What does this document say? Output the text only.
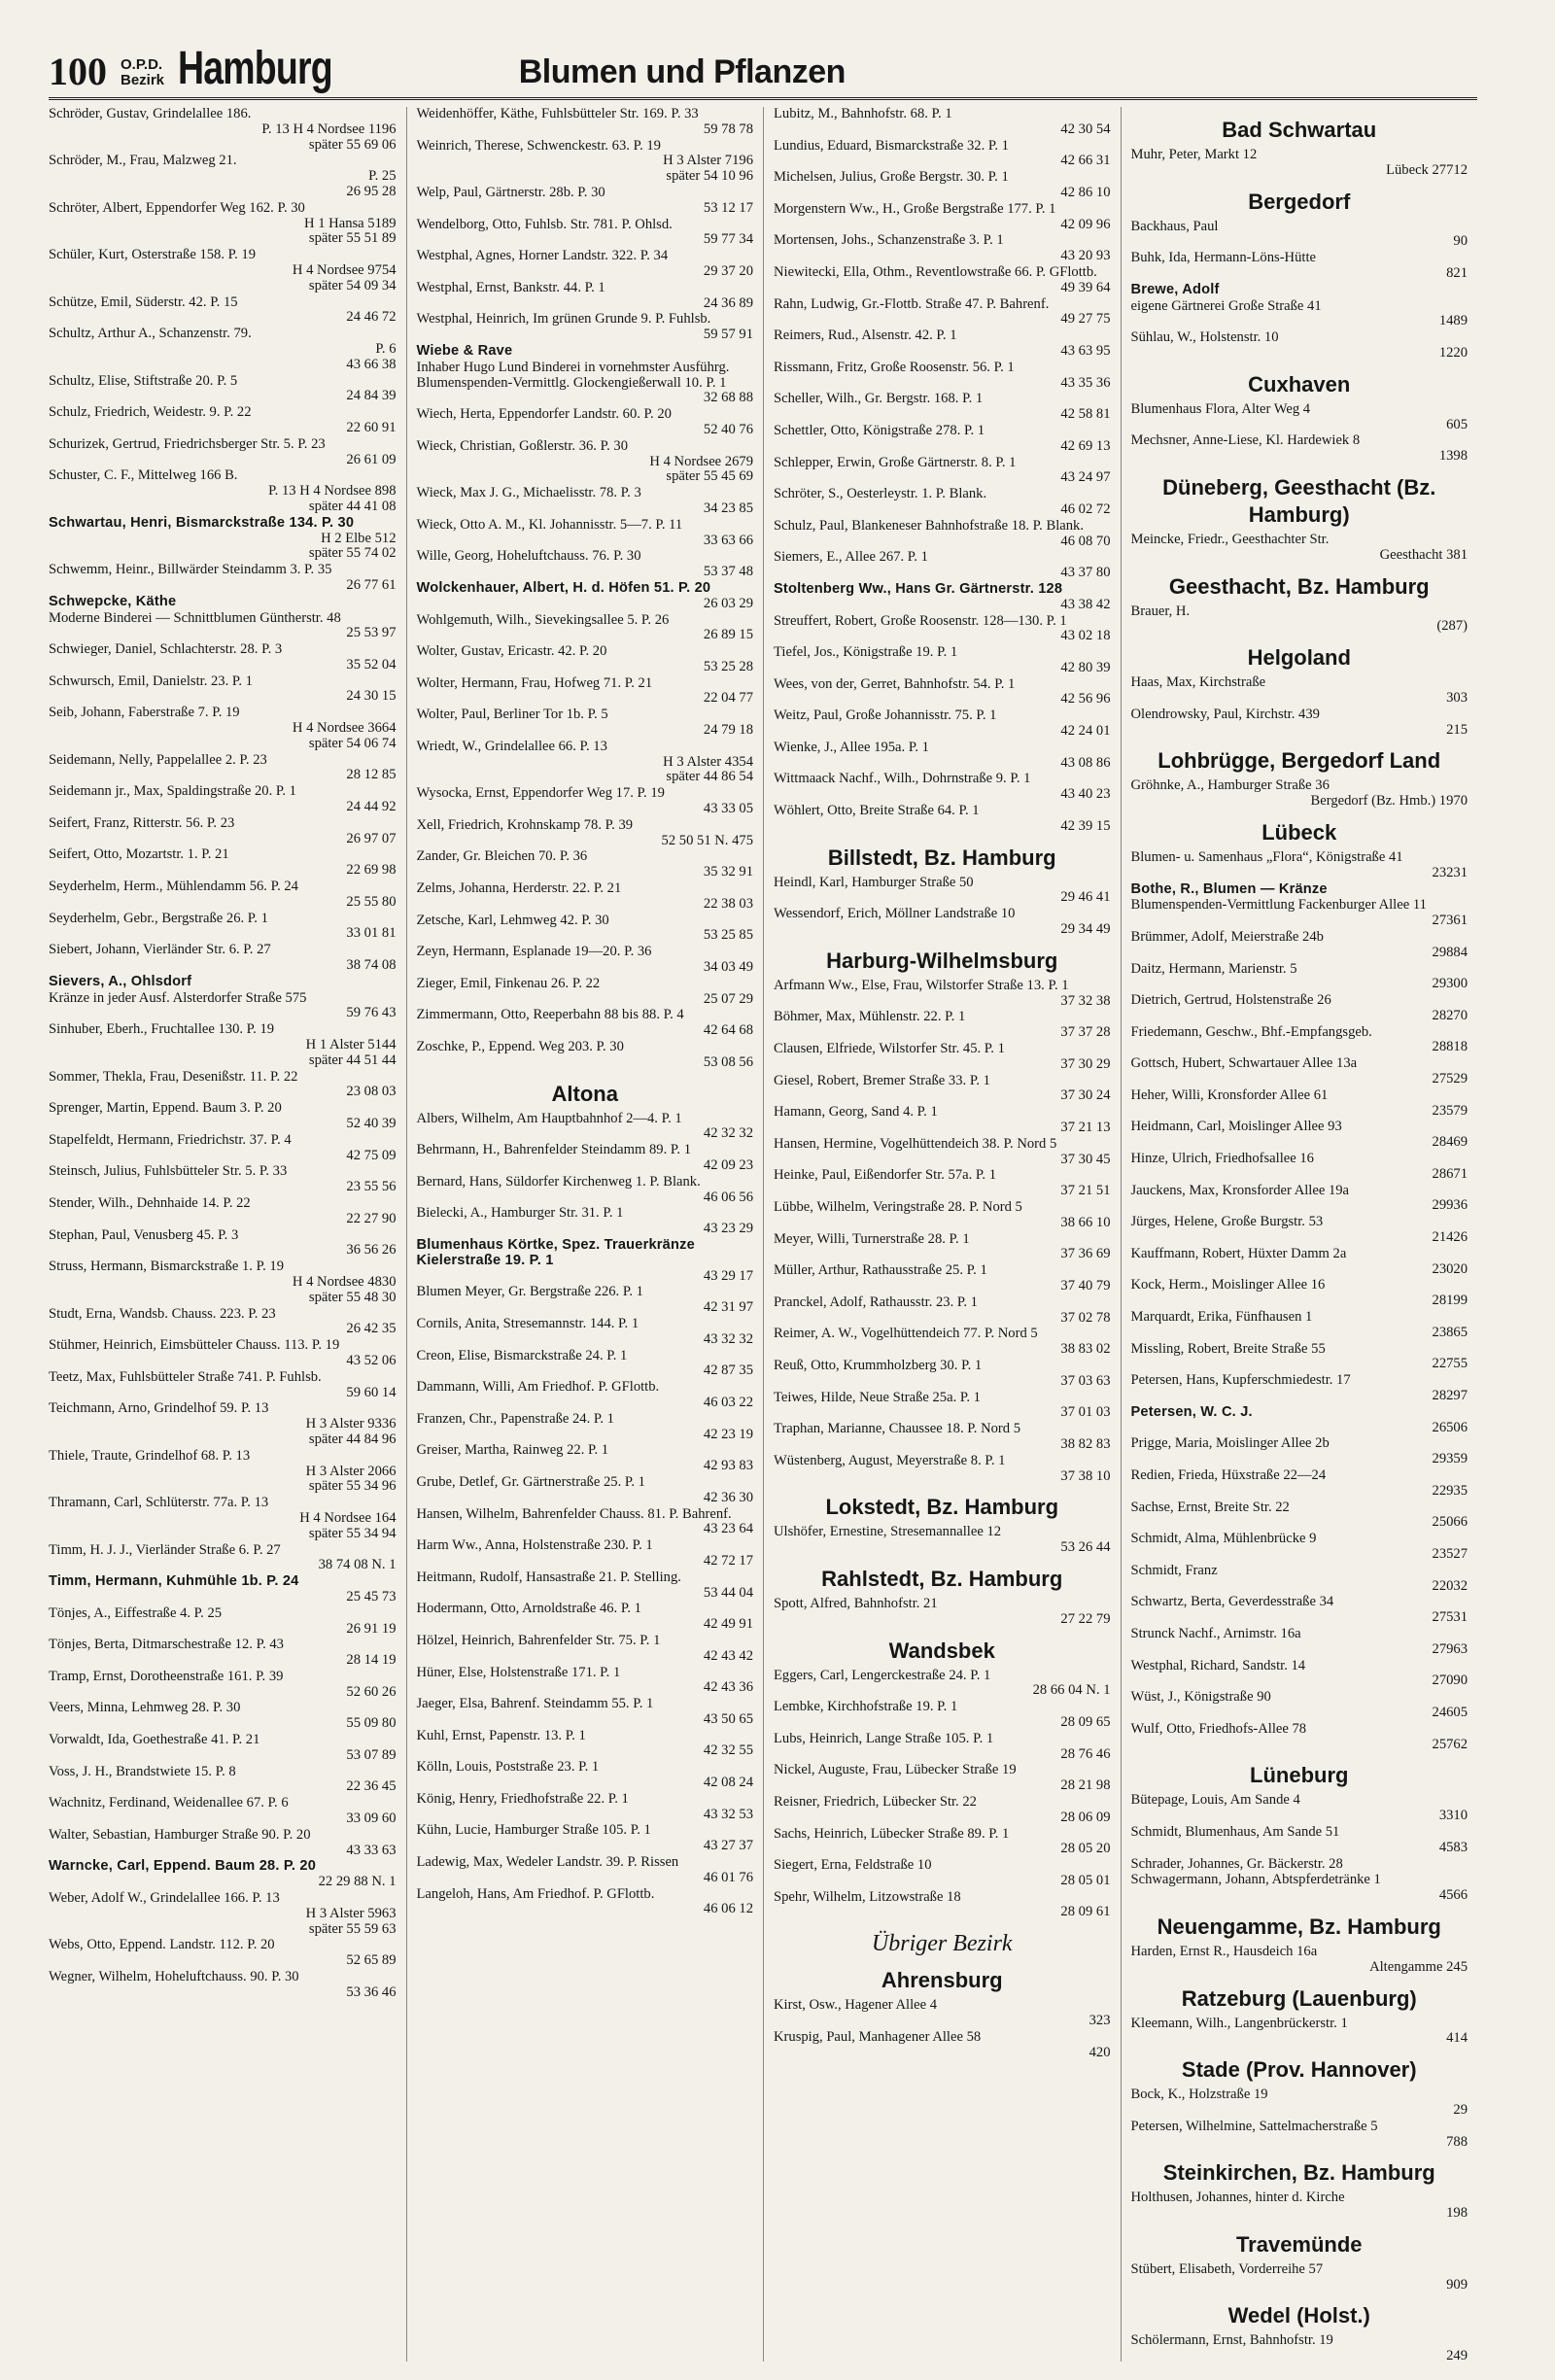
100 O.P.D.
Bezirk Hamburg	Blumen und Pflanzen
Schröder, Gustav, Grindelallee 186.
P. 13 H 4 Nordsee 1196
später 55 69 06
Schröder, M., Frau, Malzweg 21.
P. 25
26 95 28
Schröter, Albert, Eppendorfer Weg 162. P. 30
H 1 Hansa 5189
später 55 51 89
Schüler, Kurt, Osterstraße 158. P. 19
H 4 Nordsee 9754
später 54 09 34
Schütze, Emil, Süderstr. 42. P. 15
24 46 72
Schultz, Arthur A., Schanzenstr. 79.
P. 6
43 66 38
Schultz, Elise, Stiftstraße 20. P. 5
24 84 39
Schulz, Friedrich, Weidestr. 9. P. 22
22 60 91
Schurizek, Gertrud, Friedrichsberger Str. 5. P. 23
26 61 09
Schuster, C. F., Mittelweg 166 B.
P. 13 H 4 Nordsee 898
später 44 41 08
Schwartau, Henri, Bismarckstraße 134. P. 30
H 2 Elbe 512
später 55 74 02
Schwemm, Heinr., Billwärder Steindamm 3. P. 35
26 77 61
Schwepcke, Käthe
Moderne Binderei — Schnittblumen Güntherstr. 48
25 53 97
Schwieger, Daniel, Schlachterstr. 28. P. 3
35 52 04
Schwursch, Emil, Danielstr. 23. P. 1
24 30 15
Seib, Johann, Faberstraße 7. P. 19
H 4 Nordsee 3664
später 54 06 74
Seidemann, Nelly, Pappelallee 2. P. 23
28 12 85
Seidemann jr., Max, Spaldingstraße 20. P. 1
24 44 92
Seifert, Franz, Ritterstr. 56. P. 23
26 97 07
Seifert, Otto, Mozartstr. 1. P. 21
22 69 98
Seyderhelm, Herm., Mühlendamm 56. P. 24
25 55 80
Seyderhelm, Gebr., Bergstraße 26. P. 1
33 01 81
Siebert, Johann, Vierländer Str. 6. P. 27
38 74 08
Sievers, A., Ohlsdorf
Kränze in jeder Ausf. Alsterdorfer Straße 575
59 76 43
Sinhuber, Eberh., Fruchtallee 130. P. 19
H 1 Alster 5144
später 44 51 44
Sommer, Thekla, Frau, Desenißstr. 11. P. 22
23 08 03
Sprenger, Martin, Eppend. Baum 3. P. 20
52 40 39
Stapelfeldt, Hermann, Friedrichstr. 37. P. 4
42 75 09
Steinsch, Julius, Fuhlsbütteler Str. 5. P. 33
23 55 56
Stender, Wilh., Dehnhaide 14. P. 22
22 27 90
Stephan, Paul, Venusberg 45. P. 3
36 56 26
Struss, Hermann, Bismarckstraße 1. P. 19
H 4 Nordsee 4830
später 55 48 30
Studt, Erna, Wandsb. Chauss. 223. P. 23
26 42 35
Stühmer, Heinrich, Eimsbütteler Chauss. 113. P. 19
43 52 06
Teetz, Max, Fuhlsbütteler Straße 741. P. Fuhlsb.
59 60 14
Teichmann, Arno, Grindelhof 59. P. 13
H 3 Alster 9336
später 44 84 96
Thiele, Traute, Grindelhof 68. P. 13
H 3 Alster 2066
später 55 34 96
Thramann, Carl, Schlüterstr. 77a. P. 13
H 4 Nordsee 164
später 55 34 94
Timm, H. J. J., Vierländer Straße 6. P. 27
38 74 08 N. 1
Timm, Hermann, Kuhmühle 1b. P. 24
25 45 73
Tönjes, A., Eiffestraße 4. P. 25
26 91 19
Tönjes, Berta, Ditmarschestraße 12. P. 43
28 14 19
Tramp, Ernst, Dorotheenstraße 161. P. 39
52 60 26
Veers, Minna, Lehmweg 28. P. 30
55 09 80
Vorwaldt, Ida, Goethestraße 41. P. 21
53 07 89
Voss, J. H., Brandstwiete 15. P. 8
22 36 45
Wachnitz, Ferdinand, Weidenallee 67. P. 6
33 09 60
Walter, Sebastian, Hamburger Straße 90. P. 20
43 33 63
Warncke, Carl, Eppend. Baum 28. P. 20
22 29 88 N. 1
Weber, Adolf W., Grindelallee 166. P. 13
H 3 Alster 5963
später 55 59 63
Webs, Otto, Eppend. Landstr. 112. P. 20
52 65 89
Wegner, Wilhelm, Hoheluftchauss. 90. P. 30
53 36 46
Weidenhöffer, Käthe, Fuhlsbütteler Str. 169. P. 33
59 78 78
Weinrich, Therese, Schwenckestr. 63. P. 19
H 3 Alster 7196
später 54 10 96
Welp, Paul, Gärtnerstr. 28b. P. 30
53 12 17
Wendelborg, Otto, Fuhlsb. Str. 781. P. Ohlsd.
59 77 34
Westphal, Agnes, Horner Landstr. 322. P. 34
29 37 20
Westphal, Ernst, Bankstr. 44. P. 1
24 36 89
Westphal, Heinrich, Im grünen Grunde 9. P. Fuhlsb.
59 57 91
Wiebe & Rave
Inhaber Hugo Lund Binderei in vornehmster Ausführg. Blumenspenden-Vermittlg. Glockengießerwall 10. P. 1
32 68 88
Wiech, Herta, Eppendorfer Landstr. 60. P. 20
52 40 76
Wieck, Christian, Goßlerstr. 36. P. 30
H 4 Nordsee 2679
später 55 45 69
Wieck, Max J. G., Michaelisstr. 78. P. 3
34 23 85
Wieck, Otto A. M., Kl. Johannisstr. 5—7. P. 11
33 63 66
Wille, Georg, Hoheluftchauss. 76. P. 30
53 37 48
Wolckenhauer, Albert, H. d. Höfen 51. P. 20
26 03 29
Wohlgemuth, Wilh., Sievekingsallee 5. P. 26
26 89 15
Wolter, Gustav, Ericastr. 42. P. 20
53 25 28
Wolter, Hermann, Frau, Hofweg 71. P. 21
22 04 77
Wolter, Paul, Berliner Tor 1b. P. 5
24 79 18
Wriedt, W., Grindelallee 66. P. 13
H 3 Alster 4354
später 44 86 54
Wysocka, Ernst, Eppendorfer Weg 17. P. 19
43 33 05
Xell, Friedrich, Krohnskamp 78. P. 39
52 50 51 N. 475
Zander, Gr. Bleichen 70. P. 36
35 32 91
Zelms, Johanna, Herderstr. 22. P. 21
22 38 03
Zetsche, Karl, Lehmweg 42. P. 30
53 25 85
Zeyn, Hermann, Esplanade 19—20. P. 36
34 03 49
Zieger, Emil, Finkenau 26. P. 22
25 07 29
Zimmermann, Otto, Reeperbahn 88 bis 88. P. 4
42 64 68
Zoschke, P., Eppend. Weg 203. P. 30
53 08 56
Altona
Albers, Wilhelm, Am Hauptbahnhof 2—4. P. 1
42 32 32
Behrmann, H., Bahrenfelder Steindamm 89. P. 1
42 09 23
Bernard, Hans, Süldorfer Kirchenweg 1. P. Blank.
46 06 56
Bielecki, A., Hamburger Str. 31. P. 1
43 23 29
Blumenhaus Körtke, Spez. Trauerkränze Kielerstraße 19. P. 1
43 29 17
Blumen Meyer, Gr. Bergstraße 226. P. 1
42 31 97
Cornils, Anita, Stresemannstr. 144. P. 1
43 32 32
Creon, Elise, Bismarckstraße 24. P. 1
42 87 35
Dammann, Willi, Am Friedhof. P. GFlottb.
46 03 22
Franzen, Chr., Papenstraße 24. P. 1
42 23 19
Greiser, Martha, Rainweg 22. P. 1
42 93 83
Grube, Detlef, Gr. Gärtnerstraße 25. P. 1
42 36 30
Hansen, Wilhelm, Bahrenfelder Chauss. 81. P. Bahrenf.
43 23 64
Harm Ww., Anna, Holstenstraße 230. P. 1
42 72 17
Heitmann, Rudolf, Hansastraße 21. P. Stelling.
53 44 04
Hodermann, Otto, Arnoldstraße 46. P. 1
42 49 91
Hölzel, Heinrich, Bahrenfelder Str. 75. P. 1
42 43 42
Hüner, Else, Holstenstraße 171. P. 1
42 43 36
Jaeger, Elsa, Bahrenf. Steindamm 55. P. 1
43 50 65
Kuhl, Ernst, Papenstr. 13. P. 1
42 32 55
Kölln, Louis, Poststraße 23. P. 1
42 08 24
König, Henry, Friedhofstraße 22. P. 1
43 32 53
Kühn, Lucie, Hamburger Straße 105. P. 1
43 27 37
Ladewig, Max, Wedeler Landstr. 39. P. Rissen
46 01 76
Langeloh, Hans, Am Friedhof. P. GFlottb.
46 06 12
Lubitz, M., Bahnhofstr. 68. P. 1
42 30 54
Lundius, Eduard, Bismarckstraße 32. P. 1
42 66 31
Michelsen, Julius, Große Bergstr. 30. P. 1
42 86 10
Morgenstern Ww., H., Große Bergstraße 177. P. 1
42 09 96
Mortensen, Johs., Schanzenstraße 3. P. 1
43 20 93
Niewitecki, Ella, Othm., Reventlowstraße 66. P. GFlottb.
49 39 64
Rahn, Ludwig, Gr.-Flottb. Straße 47. P. Bahrenf.
49 27 75
Reimers, Rud., Alsenstr. 42. P. 1
43 63 95
Rissmann, Fritz, Große Roosenstr. 56. P. 1
43 35 36
Scheller, Wilh., Gr. Bergstr. 168. P. 1
42 58 81
Schettler, Otto, Königstraße 278. P. 1
42 69 13
Schlepper, Erwin, Große Gärtnerstr. 8. P. 1
43 24 97
Schröter, S., Oesterleystr. 1. P. Blank.
46 02 72
Schulz, Paul, Blankeneser Bahnhofstraße 18. P. Blank.
46 08 70
Siemers, E., Allee 267. P. 1
43 37 80
Stoltenberg Ww., Hans Gr. Gärtnerstr. 128
43 38 42
Streuffert, Robert, Große Roosenstr. 128—130. P. 1
43 02 18
Tiefel, Jos., Königstraße 19. P. 1
42 80 39
Wees, von der, Gerret, Bahnhofstr. 54. P. 1
42 56 96
Weitz, Paul, Große Johannisstr. 75. P. 1
42 24 01
Wienke, J., Allee 195a. P. 1
43 08 86
Wittmaack Nachf., Wilh., Dohrnstraße 9. P. 1
43 40 23
Wöhlert, Otto, Breite Straße 64. P. 1
42 39 15
Billstedt, Bz. Hamburg
Heindl, Karl, Hamburger Straße 50
29 46 41
Wessendorf, Erich, Möllner Landstraße 10
29 34 49
Harburg-Wilhelmsburg
Arfmann Ww., Else, Frau, Wilstorfer Straße 13. P. 1
37 32 38
Böhmer, Max, Mühlenstr. 22. P. 1
37 37 28
Clausen, Elfriede, Wilstorfer Str. 45. P. 1
37 30 29
Giesel, Robert, Bremer Straße 33. P. 1
37 30 24
Hamann, Georg, Sand 4. P. 1
37 21 13
Hansen, Hermine, Vogelhüttendeich 38. P. Nord 5
37 30 45
Heinke, Paul, Eißendorfer Str. 57a. P. 1
37 21 51
Lübbe, Wilhelm, Veringstraße 28. P. Nord 5
38 66 10
Meyer, Willi, Turnerstraße 28. P. 1
37 36 69
Müller, Arthur, Rathausstraße 25. P. 1
37 40 79
Pranckel, Adolf, Rathausstr. 23. P. 1
37 02 78
Reimer, A. W., Vogelhüttendeich 77. P. Nord 5
38 83 02
Reuß, Otto, Krummholzberg 30. P. 1
37 03 63
Teiwes, Hilde, Neue Straße 25a. P. 1
37 01 03
Traphan, Marianne, Chaussee 18. P. Nord 5
38 82 83
Wüstenberg, August, Meyerstraße 8. P. 1
37 38 10
Lokstedt, Bz. Hamburg
Ulshöfer, Ernestine, Stresemannallee 12
53 26 44
Rahlstedt, Bz. Hamburg
Spott, Alfred, Bahnhofstr. 21
27 22 79
Wandsbek
Eggers, Carl, Lengerckestraße 24. P. 1
28 66 04 N. 1
Lembke, Kirchhofstraße 19. P. 1
28 09 65
Lubs, Heinrich, Lange Straße 105. P. 1
28 76 46
Nickel, Auguste, Frau, Lübecker Straße 19
28 21 98
Reisner, Friedrich, Lübecker Str. 22
28 06 09
Sachs, Heinrich, Lübecker Straße 89. P. 1
28 05 20
Siegert, Erna, Feldstraße 10
28 05 01
Spehr, Wilhelm, Litzowstraße 18
28 09 61
Übriger Bezirk
Ahrensburg
Kirst, Osw., Hagener Allee 4
323
Kruspig, Paul, Manhagener Allee 58
420
Bad Schwartau
Muhr, Peter, Markt 12
Lübeck 27712
Bergedorf
Backhaus, Paul
90
Buhk, Ida, Hermann-Löns-Hütte
821
Brewe, Adolf
eigene Gärtnerei Große Straße 41
1489
Sühlau, W., Holstenstr. 10
1220
Cuxhaven
Blumenhaus Flora, Alter Weg 4
605
Mechsner, Anne-Liese, Kl. Hardewiek 8
1398
Düneberg, Geesthacht (Bz. Hamburg)
Meincke, Friedr., Geesthachter Str.
Geesthacht 381
Geesthacht, Bz. Hamburg
Brauer, H.
(287)
Helgoland
Haas, Max, Kirchstraße
303
Olendrowsky, Paul, Kirchstr. 439
215
Lohbrügge, Bergedorf Land
Gröhnke, A., Hamburger Straße 36
Bergedorf (Bz. Hmb.) 1970
Lübeck
Blumen- u. Samenhaus „Flora“, Königstraße 41
23231
Bothe, R., Blumen — Kränze
Blumenspenden-Vermittlung Fackenburger Allee 11
27361
Brümmer, Adolf, Meierstraße 24b
29884
Daitz, Hermann, Marienstr. 5
29300
Dietrich, Gertrud, Holstenstraße 26
28270
Friedemann, Geschw., Bhf.-Empfangsgeb.
28818
Gottsch, Hubert, Schwartauer Allee 13a
27529
Heher, Willi, Kronsforder Allee 61
23579
Heidmann, Carl, Moislinger Allee 93
28469
Hinze, Ulrich, Friedhofsallee 16
28671
Jauckens, Max, Kronsforder Allee 19a
29936
Jürges, Helene, Große Burgstr. 53
21426
Kauffmann, Robert, Hüxter Damm 2a
23020
Kock, Herm., Moislinger Allee 16
28199
Marquardt, Erika, Fünfhausen 1
23865
Missling, Robert, Breite Straße 55
22755
Petersen, Hans, Kupferschmiedestr. 17
28297
Petersen, W. C. J.
26506
Prigge, Maria, Moislinger Allee 2b
29359
Redien, Frieda, Hüxstraße 22—24
22935
Sachse, Ernst, Breite Str. 22
25066
Schmidt, Alma, Mühlenbrücke 9
23527
Schmidt, Franz
22032
Schwartz, Berta, Geverdesstraße 34
27531
Strunck Nachf., Arnimstr. 16a
27963
Westphal, Richard, Sandstr. 14
27090
Wüst, J., Königstraße 90
24605
Wulf, Otto, Friedhofs-Allee 78
25762
Lüneburg
Bütepage, Louis, Am Sande 4
3310
Schmidt, Blumenhaus, Am Sande 51
4583
Schrader, Johannes, Gr. Bäckerstr. 28
Schwagermann, Johann, Abtspferdetränke 1
4566
Neuengamme, Bz. Hamburg
Harden, Ernst R., Hausdeich 16a
Altengamme 245
Ratzeburg (Lauenburg)
Kleemann, Wilh., Langenbrückerstr. 1
414
Stade (Prov. Hannover)
Bock, K., Holzstraße 19
29
Petersen, Wilhelmine, Sattelmacherstraße 5
788
Steinkirchen, Bz. Hamburg
Holthusen, Johannes, hinter d. Kirche
198
Travemünde
Stübert, Elisabeth, Vorderreihe 57
909
Wedel (Holst.)
Schölermann, Ernst, Bahnhofstr. 19
249
